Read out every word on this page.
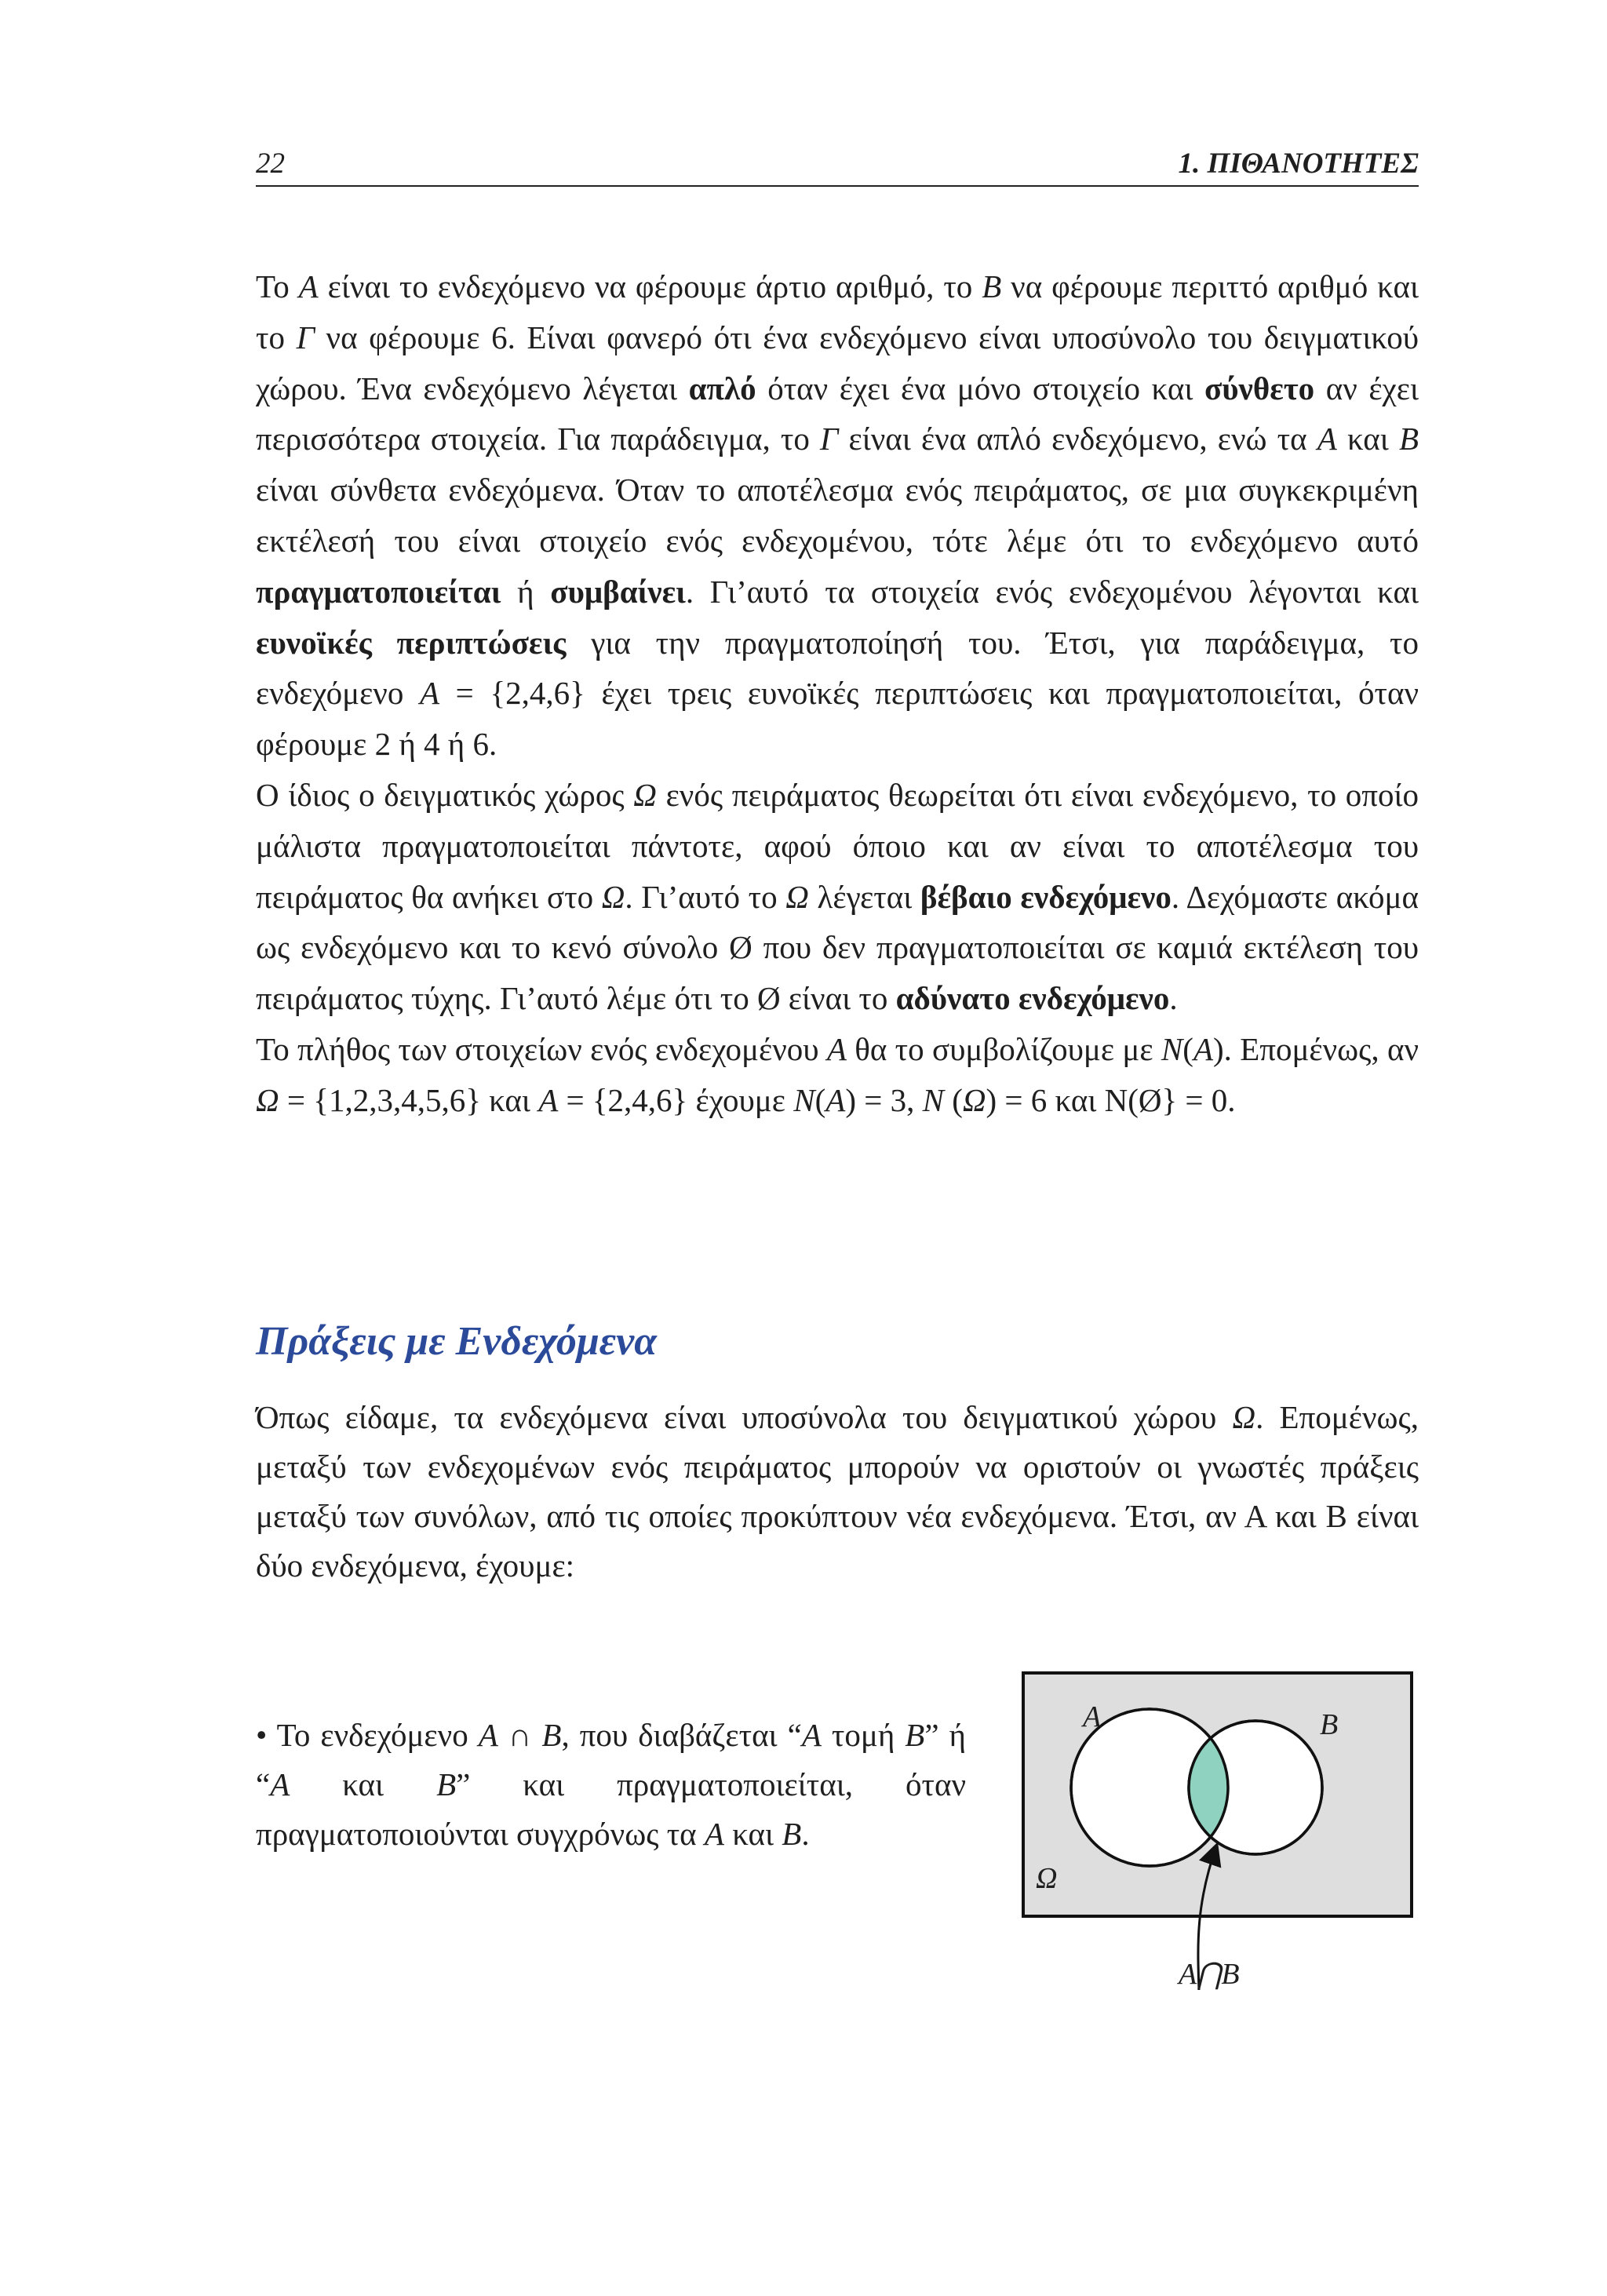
22	1. ΠΙΘΑΝΟΤΗΤΕΣ

Το Α είναι το ενδεχόμενο να φέρουμε άρτιο αριθμό, το Β να φέρουμε περιττό αριθμό και το Γ να φέρουμε 6. Είναι φανερό ότι ένα ενδεχόμενο είναι υποσύνολο του δειγματικού χώρου. Ένα ενδεχόμενο λέγεται απλό όταν έχει ένα μόνο στοιχείο και σύνθετο αν έχει περισσότερα στοιχεία. Για παράδειγμα, το Γ είναι ένα απλό ενδεχόμενο, ενώ τα Α και Β είναι σύνθετα ενδεχόμενα. Όταν το αποτέλεσμα ενός πειράματος, σε μια συγκεκριμένη εκτέλεσή του είναι στοιχείο ενός ενδεχομένου, τότε λέμε ότι το ενδεχόμενο αυτό πραγματοποιείται ή συμβαίνει. Γι’αυτό τα στοιχεία ενός ενδεχομένου λέγονται και ευνοϊκές περιπτώσεις για την πραγματοποίησή του. Έτσι, για παράδειγμα, το ενδεχόμενο Α = {2,4,6} έχει τρεις ευνοϊκές περιπτώσεις και πραγματοποιείται, όταν φέρουμε 2 ή 4 ή 6.

Ο ίδιος ο δειγματικός χώρος Ω ενός πειράματος θεωρείται ότι είναι ενδεχόμενο, το οποίο μάλιστα πραγματοποιείται πάντοτε, αφού όποιο και αν είναι το αποτέλεσμα του πειράματος θα ανήκει στο Ω. Γι’αυτό το Ω λέγεται βέβαιο ενδεχόμενο. Δεχόμαστε ακόμα ως ενδεχόμενο και το κενό σύνολο Ø που δεν πραγματοποιείται σε καμιά εκτέλεση του πειράματος τύχης. Γι’αυτό λέμε ότι το Ø είναι το αδύνατο ενδεχόμενο.

Το πλήθος των στοιχείων ενός ενδεχομένου Α θα το συμβολίζουμε με N(Α). Επομένως, αν Ω = {1,2,3,4,5,6} και Α = {2,4,6} έχουμε N(Α) = 3, N (Ω) = 6 και N(Ø} = 0.

Πράξεις με Ενδεχόμενα

Όπως είδαμε, τα ενδεχόμενα είναι υποσύνολα του δειγματικού χώρου Ω. Επομένως, μεταξύ των ενδεχομένων ενός πειράματος μπορούν να οριστούν οι γνωστές πράξεις μεταξύ των συνόλων, από τις οποίες προκύπτουν νέα ενδεχόμενα. Έτσι, αν Α και Β είναι δύο ενδεχόμενα, έχουμε:

• Το ενδεχόμενο Α ∩ Β, που διαβάζεται “Α τομή Β” ή “Α και Β” και πραγματοποιείται, όταν πραγματοποιούνται συγχρόνως τα Α και Β.

Α	Β
Ω
Α⋂Β
